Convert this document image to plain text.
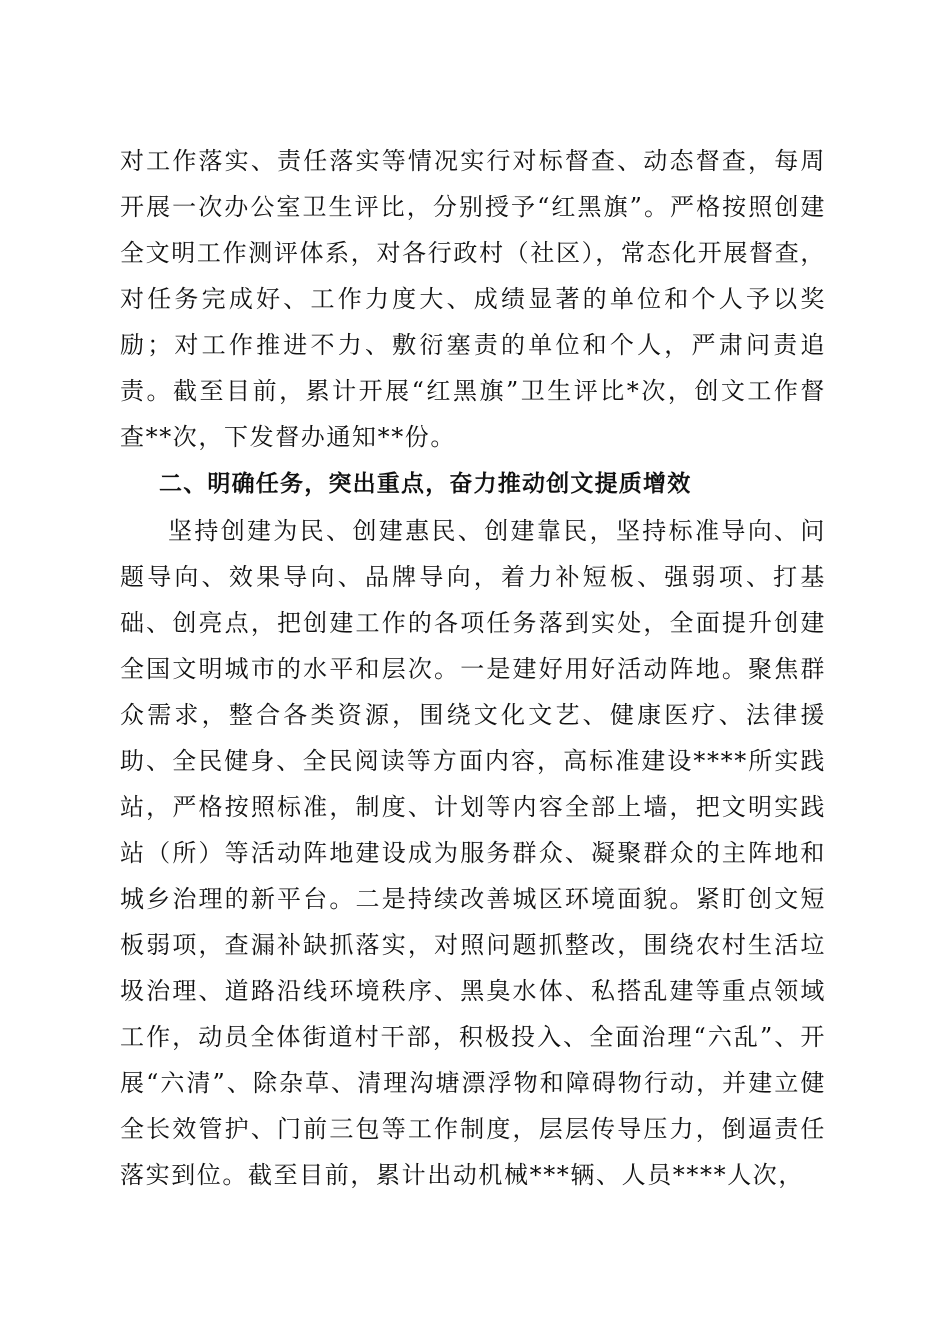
对工作落实、责任落实等情况实行对标督查、动态督查，每周开展一次办公室卫生评比，分别授予“红黑旗”。严格按照创建全文明工作测评体系，对各行政村（社区），常态化开展督查，对任务完成好、工作力度大、成绩显著的单位和个人予以奖励；对工作推进不力、敷衍塞责的单位和个人，严肃问责追责。截至目前，累计开展“红黑旗”卫生评比*次，创文工作督查**次，下发督办通知**份。

二、明确任务，突出重点，奋力推动创文提质增效

坚持创建为民、创建惠民、创建靠民，坚持标准导向、问题导向、效果导向、品牌导向，着力补短板、强弱项、打基础、创亮点，把创建工作的各项任务落到实处，全面提升创建全国文明城市的水平和层次。一是建好用好活动阵地。聚焦群众需求，整合各类资源，围绕文化文艺、健康医疗、法律援助、全民健身、全民阅读等方面内容，高标准建设****所实践站，严格按照标准，制度、计划等内容全部上墙，把文明实践站（所）等活动阵地建设成为服务群众、凝聚群众的主阵地和城乡治理的新平台。二是持续改善城区环境面貌。紧盯创文短板弱项，查漏补缺抓落实，对照问题抓整改，围绕农村生活垃圾治理、道路沿线环境秩序、黑臭水体、私搭乱建等重点领域工作，动员全体街道村干部，积极投入、全面治理“六乱”、开展“六清”、除杂草、清理沟塘漂浮物和障碍物行动，并建立健全长效管护、门前三包等工作制度，层层传导压力，倒逼责任落实到位。截至目前，累计出动机械***辆、人员****人次，
